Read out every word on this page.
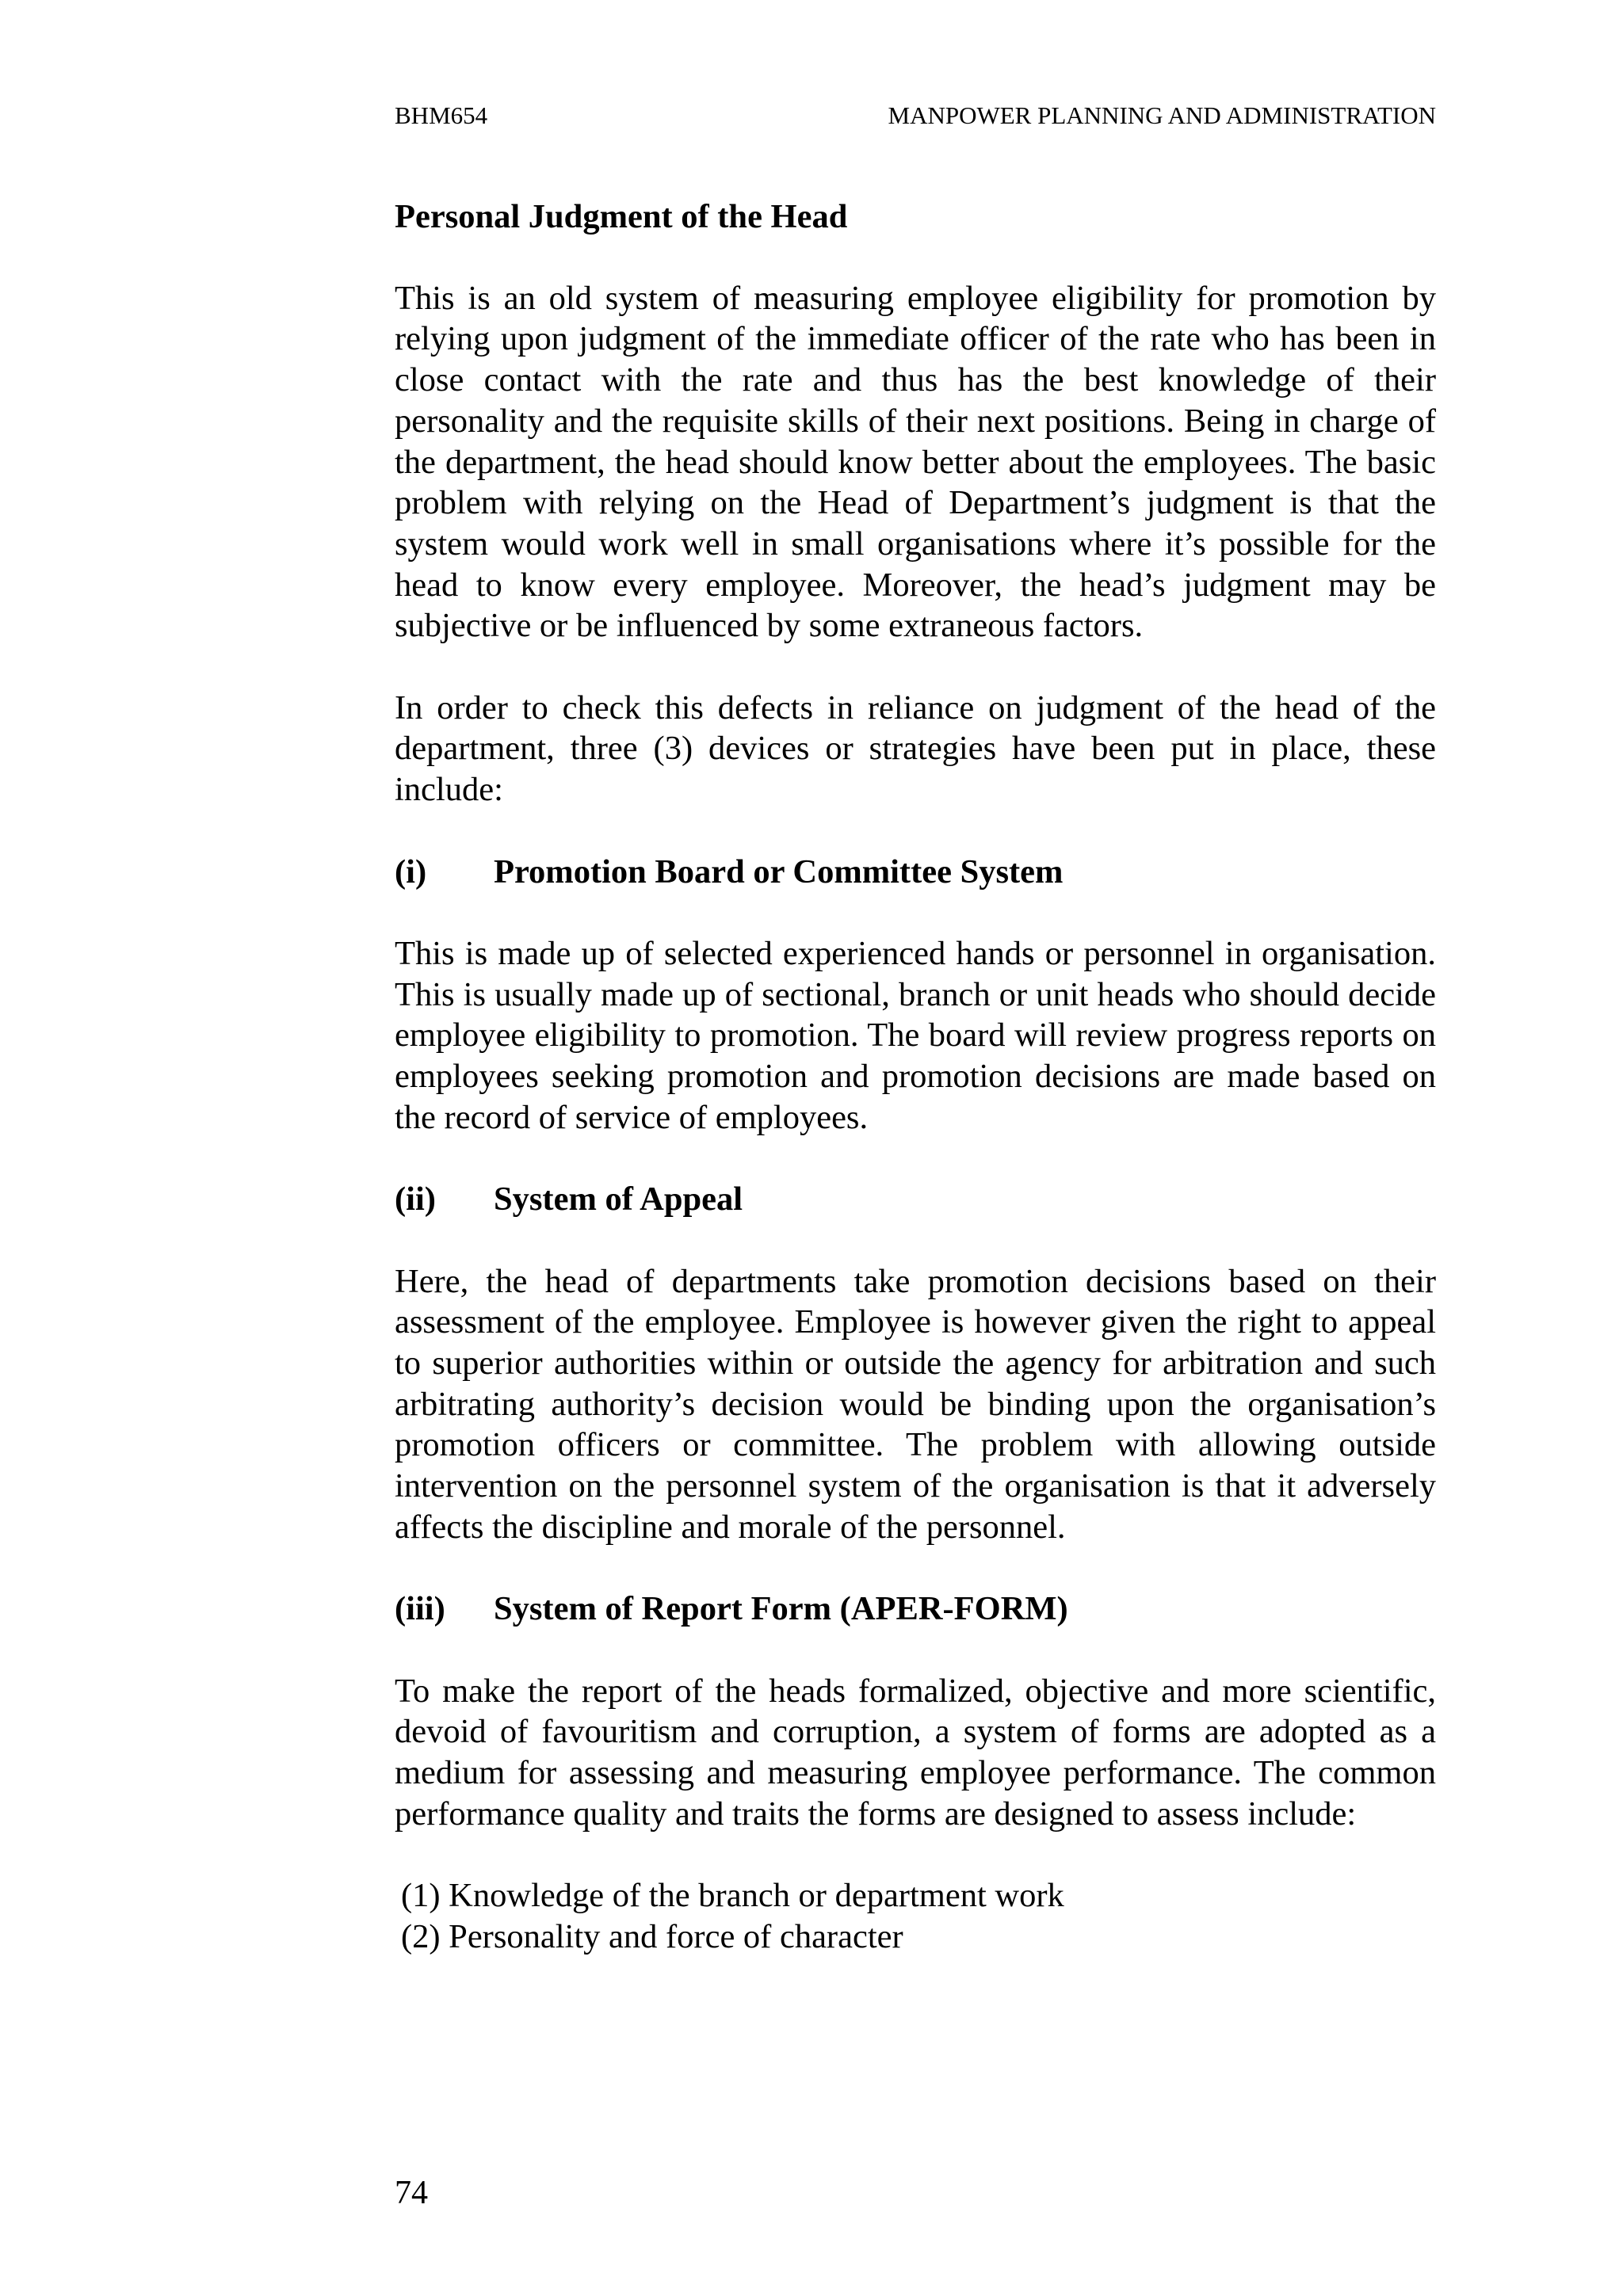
BHM654	MANPOWER PLANNING AND ADMINISTRATION
Personal Judgment of the Head

This is an old system of measuring employee eligibility for promotion by relying upon judgment of the immediate officer of the rate who has been in close contact with the rate and thus has the best knowledge of their personality and the requisite skills of their next positions. Being in charge of the department, the head should know better about the employees. The basic problem with relying on the Head of Department’s judgment is that the system would work well in small organisations where it’s possible for the head to know every employee. Moreover, the head’s judgment may be subjective or be influenced by some extraneous factors.

In order to check this defects in reliance on judgment of the head of the department, three (3) devices or strategies have been put in place, these include:

(i)	Promotion Board or Committee System

This is made up of selected experienced hands or personnel in organisation. This is usually made up of sectional, branch or unit heads who should decide employee eligibility to promotion. The board will review progress reports on employees seeking promotion and promotion decisions are made based on the record of service of employees.

(ii)	System of Appeal

Here, the head of departments take promotion decisions based on their assessment of the employee. Employee is however given the right to appeal to superior authorities within or outside the agency for arbitration and such arbitrating authority’s decision would be binding upon the organisation’s promotion officers or committee. The problem with allowing outside intervention on the personnel system of the organisation is that it adversely affects the discipline and morale of the personnel.

(iii)	System of Report Form (APER-FORM)

To make the report of the heads formalized, objective and more scientific, devoid of favouritism and corruption, a system of forms are adopted as a medium for assessing and measuring employee performance. The common performance quality and traits the forms are designed to assess include:

(1) Knowledge of the branch or department work
(2) Personality and force of character
74
